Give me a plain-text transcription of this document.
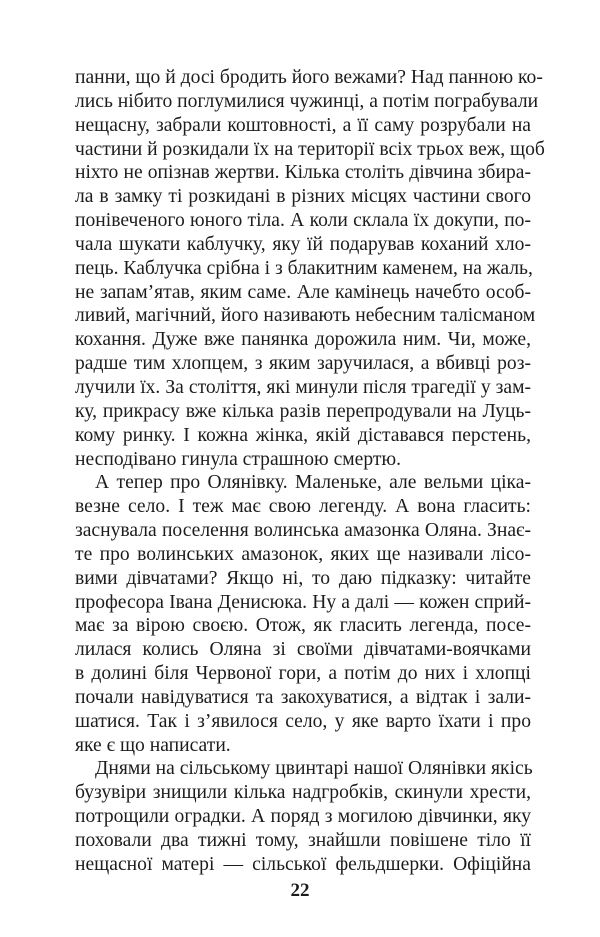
панни, що й досі бродить його вежами? Над панною ко-
лись нібито поглумилися чужинці, а потім пограбували
нещасну, забрали коштовності, а її саму розрубали на
частини й розкидали їх на території всіх трьох веж, щоб
ніхто не опізнав жертви. Кілька століть дівчина збира-
ла в замку ті розкидані в різних місцях частини свого
понівеченого юного тіла. А коли склала їх докупи, по-
чала шукати каблучку, яку їй подарував коханий хло-
пець. Каблучка срібна і з блакитним каменем, на жаль,
не запам’ятав, яким саме. Але камінець начебто особ-
ливий, магічний, його називають небесним талісманом
кохання. Дуже вже панянка дорожила ним. Чи, може,
радше тим хлопцем, з яким заручилася, а вбивці роз-
лучили їх. За століття, які минули після трагедії у зам-
ку, прикрасу вже кілька разів перепродували на Луць-
кому ринку. І кожна жінка, якій діставався перстень,
несподівано гинула страшною смертю.
А тепер про Олянівку. Маленьке, але вельми ціка-
везне село. І теж має свою легенду. А вона гласить:
заснувала поселення волинська амазонка Оляна. Знає-
те про волинських амазонок, яких ще називали лісо-
вими дівчатами? Якщо ні, то даю підказку: читайте
професора Івана Денисюка. Ну а далі — кожен сприй-
має за вірою своєю. Отож, як гласить легенда, посе-
лилася колись Оляна зі своїми дівчатами-воячками
в долині біля Червоної гори, а потім до них і хлопці
почали навідуватися та закохуватися, а відтак і зали-
шатися. Так і з’явилося село, у яке варто їхати і про
яке є що написати.
Днями на сільському цвинтарі нашої Олянівки якісь
бузувіри знищили кілька надгробків, скинули хрести,
потрощили оградки. А поряд з могилою дівчинки, яку
поховали два тижні тому, знайшли повішене тіло її
нещасної матері — сільської фельдшерки. Офіційна
22
